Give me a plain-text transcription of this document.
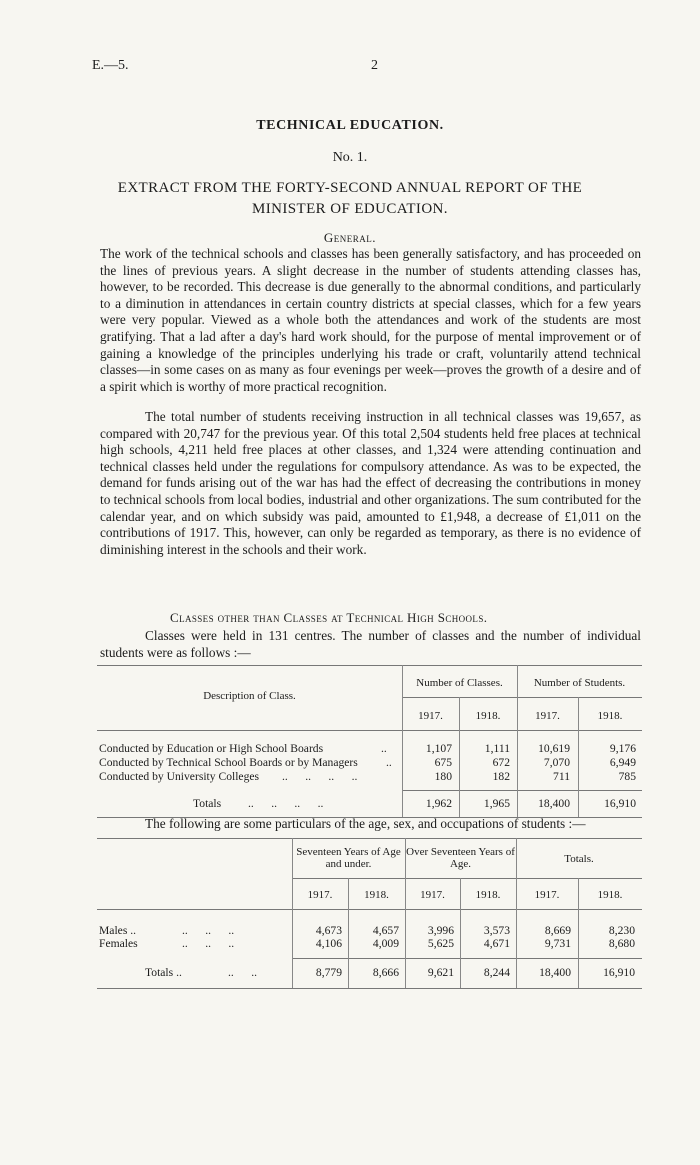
E.—5.	2
TECHNICAL EDUCATION.
No. 1.
EXTRACT FROM THE FORTY-SECOND ANNUAL REPORT OF THE
MINISTER OF EDUCATION.
General.

The work of the technical schools and classes has been generally satisfactory, and has proceeded on the lines of previous years. A slight decrease in the number of students attending classes has, however, to be recorded. This decrease is due generally to the abnormal conditions, and particularly to a diminution in attendances in certain country districts at special classes, which for a few years were very popular. Viewed as a whole both the attendances and work of the students are most gratifying. That a lad after a day's hard work should, for the purpose of mental improvement or of gaining a knowledge of the principles underlying his trade or craft, voluntarily attend technical classes—in some cases on as many as four evenings per week—proves the growth of a desire and of a spirit which is worthy of more practical recognition.

The total number of students receiving instruction in all technical classes was 19,657, as compared with 20,747 for the previous year. Of this total 2,504 students held free places at technical high schools, 4,211 held free places at other classes, and 1,324 were attending continuation and technical classes held under the regulations for compulsory attendance. As was to be expected, the demand for funds arising out of the war has had the effect of decreasing the contributions in money to technical schools from local bodies, industrial and other organizations. The sum contributed for the calendar year, and on which subsidy was paid, amounted to £1,948, a decrease of £1,011 on the contributions of 1917. This, however, can only be regarded as temporary, as there is no evidence of diminishing interest in the schools and their work.

Classes other than Classes at Technical High Schools.

Classes were held in 131 centres. The number of classes and the number of individual students were as follows :—

Description of Class.
Number of Classes.	Number of Students.
1917.	1918.	1917.	1918.
Conducted by Education or High School Boards	..	1,107	1,111	10,619	9,176
Conducted by Technical School Boards or by Managers ..	675	672	7,070	6,949
Conducted by University Colleges ..      ..      ..      ..	180	182	711	785
Totals ..      ..      ..      ..	1,962	1,965	18,400	16,910

The following are some particulars of the age, sex, and occupations of students :—

Seventeen Years of Age and under.
Over Seventeen Years of Age.	Totals.
1917.	1918.	1917.	1918.	1917.	1918.
Males ..	..      ..      ..	4,673	4,657	3,996	3,573	8,669	8,230
Females	..      ..      ..	4,106	4,009	5,625	4,671	9,731	8,680
Totals ..	..      ..	8,779	8,666	9,621	8,244	18,400	16,910
